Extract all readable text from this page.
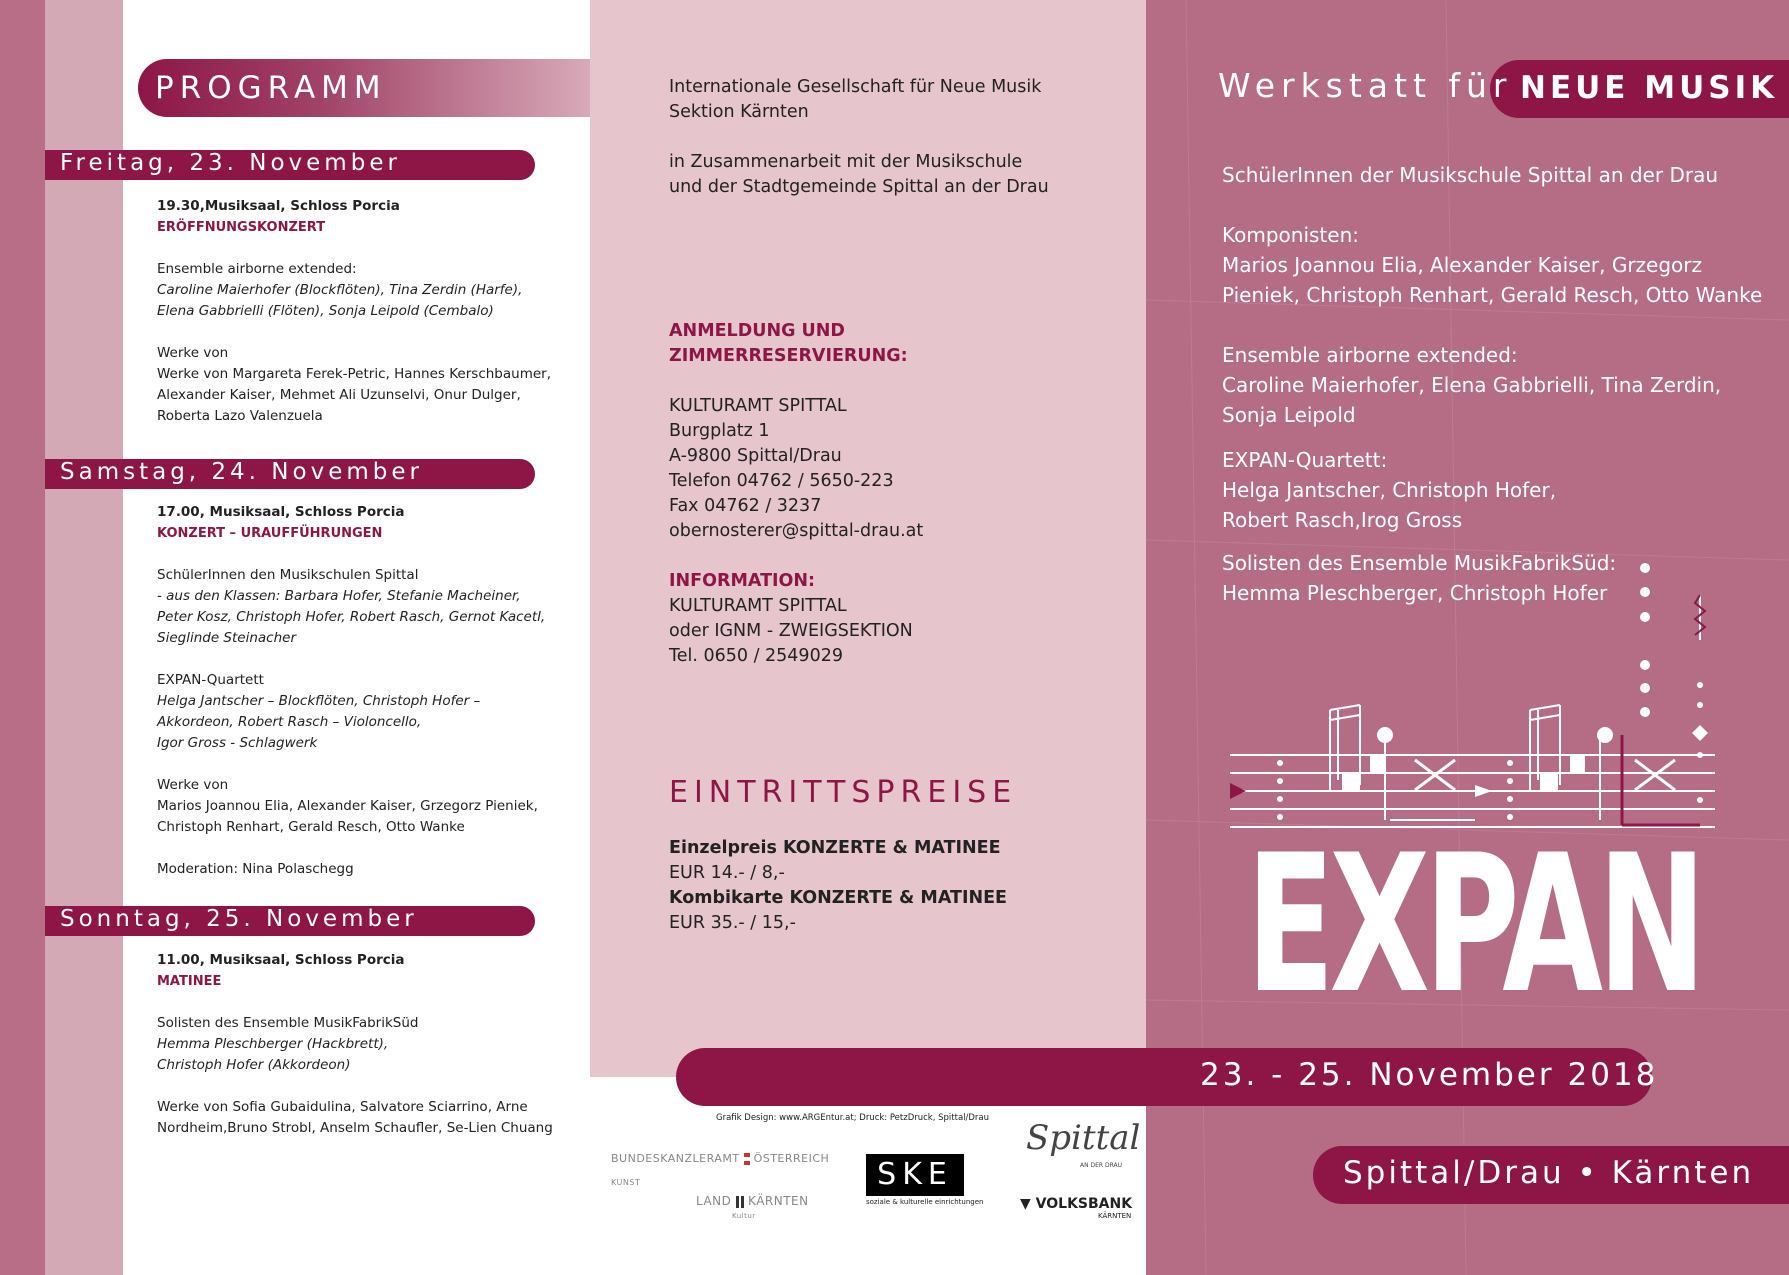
PROGRAMM
Freitag, 23. November

19.30,Musiksaal, Schloss Porcia

ERÖFFNUNGSKONZERT

Ensemble airborne extended:

Caroline Maierhofer (Blockflöten), Tina Zerdin (Harfe),

Elena Gabbrielli (Flöten), Sonja Leipold (Cembalo)

Werke von

Werke von Margareta Ferek-Petric, Hannes Kerschbaumer,

Alexander Kaiser, Mehmet Ali Uzunselvi, Onur Dulger,

Roberta Lazo Valenzuela

Samstag, 24. November

17.00, Musiksaal, Schloss Porcia

KONZERT – URAUFFÜHRUNGEN

SchülerInnen den Musikschulen Spittal

- aus den Klassen: Barbara Hofer, Stefanie Macheiner,

Peter Kosz, Christoph Hofer, Robert Rasch, Gernot Kacetl,

Sieglinde Steinacher

EXPAN-Quartett

Helga Jantscher – Blockflöten, Christoph Hofer –

Akkordeon, Robert Rasch – Violoncello,

Igor Gross - Schlagwerk

Werke von

Marios Joannou Elia, Alexander Kaiser, Grzegorz Pieniek,

Christoph Renhart, Gerald Resch, Otto Wanke

Moderation: Nina Polaschegg

Sonntag, 25. November

11.00, Musiksaal, Schloss Porcia

MATINEE

Solisten des Ensemble MusikFabrikSüd

Hemma Pleschberger (Hackbrett),

Christoph Hofer (Akkordeon)

Werke von Sofia Gubaidulina, Salvatore Sciarrino, Arne

Nordheim,Bruno Strobl, Anselm Schaufler, Se-Lien Chuang

Internationale Gesellschaft für Neue Musik

Sektion Kärnten

in Zusammenarbeit mit der Musikschule

und der Stadtgemeinde Spittal an der Drau

ANMELDUNG UND

ZIMMERRESERVIERUNG:

KULTURAMT SPITTAL

Burgplatz 1

A-9800 Spittal/Drau

Telefon 04762 / 5650-223

Fax 04762 / 3237

obernosterer@spittal-drau.at

INFORMATION:

KULTURAMT SPITTAL

oder IGNM - ZWEIGSEKTION

Tel. 0650 / 2549029

EINTRITTSPREISE

Einzelpreis KONZERTE & MATINEE

EUR 14.- / 8,-

Kombikarte KONZERTE & MATINEE

EUR 35.- / 15,-

Grafik Design: www.ARGEntur.at; Druck: PetzDruck, Spittal/Drau
BUNDESKANZLERAMT ÖSTERREICH
KUNST
LAND KÄRNTEN
Kultur
SKE
soziale & kulturelle einrichtungen
Spittal
AN DER DRAU
▼ VOLKSBANK
KÄRNTEN
Werkstatt für NEUE MUSIK
SchülerInnen der Musikschule Spittal an der Drau

Komponisten:

Marios Joannou Elia, Alexander Kaiser, Grzegorz

Pieniek, Christoph Renhart, Gerald Resch, Otto Wanke

Ensemble airborne extended:

Caroline Maierhofer, Elena Gabbrielli, Tina Zerdin,

Sonja Leipold

EXPAN-Quartett:

Helga Jantscher, Christoph Hofer,

Robert Rasch,Irog Gross

Solisten des Ensemble MusikFabrikSüd:

Hemma Pleschberger, Christoph Hofer

EXPAN
23. - 25. November 2018
Spittal/Drau • Kärnten
